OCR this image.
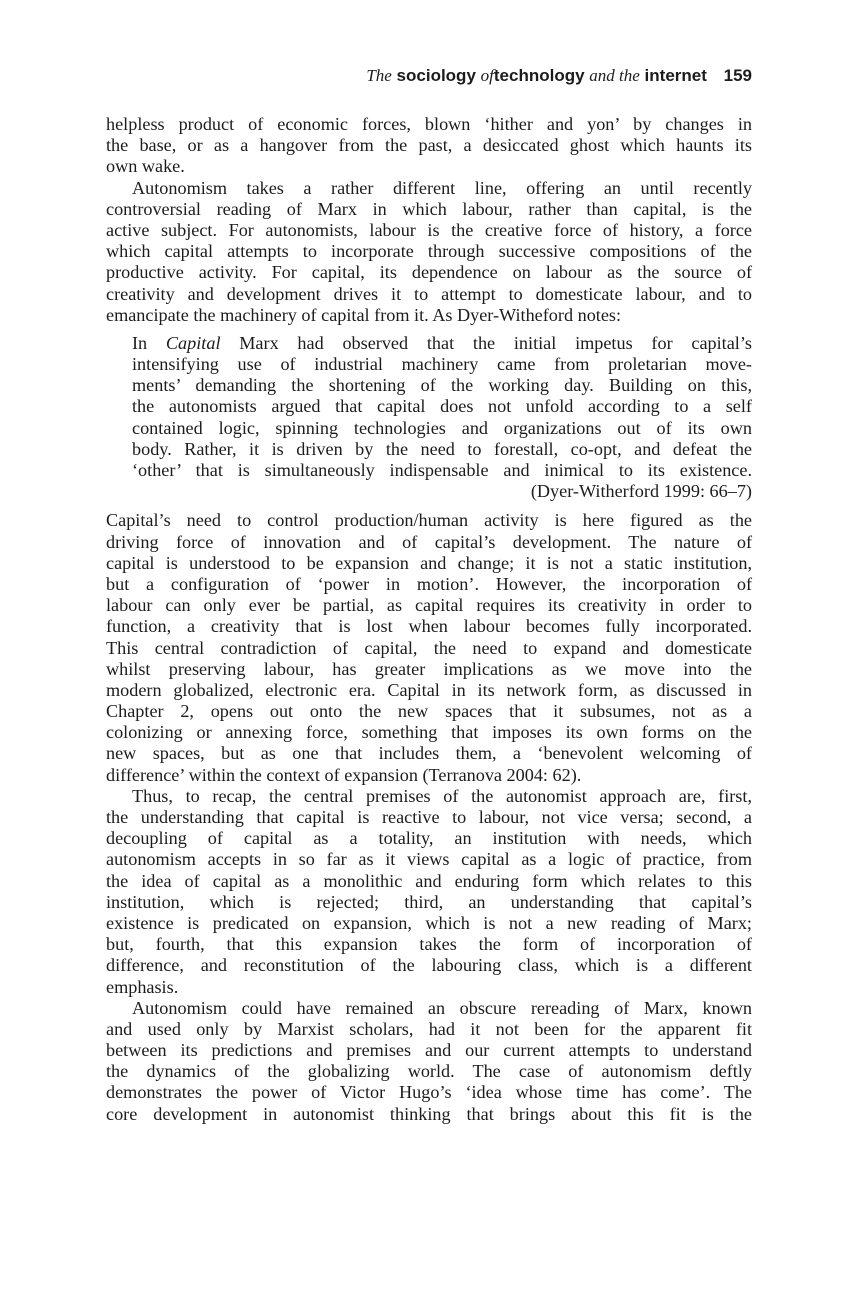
The sociology oftechnology and the internet 159
helpless product of economic forces, blown ‘hither and yon’ by changes in
the base, or as a hangover from the past, a desiccated ghost which haunts its
own wake.
Autonomism takes a rather different line, offering an until recently
controversial reading of Marx in which labour, rather than capital, is the
active subject. For autonomists, labour is the creative force of history, a force
which capital attempts to incorporate through successive compositions of the
productive activity. For capital, its dependence on labour as the source of
creativity and development drives it to attempt to domesticate labour, and to
emancipate the machinery of capital from it. As Dyer-Witheford notes:
In Capital Marx had observed that the initial impetus for capital’s
intensifying use of industrial machinery came from proletarian move-
ments’ demanding the shortening of the working day. Building on this,
the autonomists argued that capital does not unfold according to a self
contained logic, spinning technologies and organizations out of its own
body. Rather, it is driven by the need to forestall, co-opt, and defeat the
‘other’ that is simultaneously indispensable and inimical to its existence.
(Dyer-Witherford 1999: 66–7)
Capital’s need to control production/human activity is here figured as the
driving force of innovation and of capital’s development. The nature of
capital is understood to be expansion and change; it is not a static institution,
but a configuration of ‘power in motion’. However, the incorporation of
labour can only ever be partial, as capital requires its creativity in order to
function, a creativity that is lost when labour becomes fully incorporated.
This central contradiction of capital, the need to expand and domesticate
whilst preserving labour, has greater implications as we move into the
modern globalized, electronic era. Capital in its network form, as discussed in
Chapter 2, opens out onto the new spaces that it subsumes, not as a
colonizing or annexing force, something that imposes its own forms on the
new spaces, but as one that includes them, a ‘benevolent welcoming of
difference’ within the context of expansion (Terranova 2004: 62).
Thus, to recap, the central premises of the autonomist approach are, first,
the understanding that capital is reactive to labour, not vice versa; second, a
decoupling of capital as a totality, an institution with needs, which
autonomism accepts in so far as it views capital as a logic of practice, from
the idea of capital as a monolithic and enduring form which relates to this
institution, which is rejected; third, an understanding that capital’s
existence is predicated on expansion, which is not a new reading of Marx;
but, fourth, that this expansion takes the form of incorporation of
difference, and reconstitution of the labouring class, which is a different
emphasis.
Autonomism could have remained an obscure rereading of Marx, known
and used only by Marxist scholars, had it not been for the apparent fit
between its predictions and premises and our current attempts to understand
the dynamics of the globalizing world. The case of autonomism deftly
demonstrates the power of Victor Hugo’s ‘idea whose time has come’. The
core development in autonomist thinking that brings about this fit is the
